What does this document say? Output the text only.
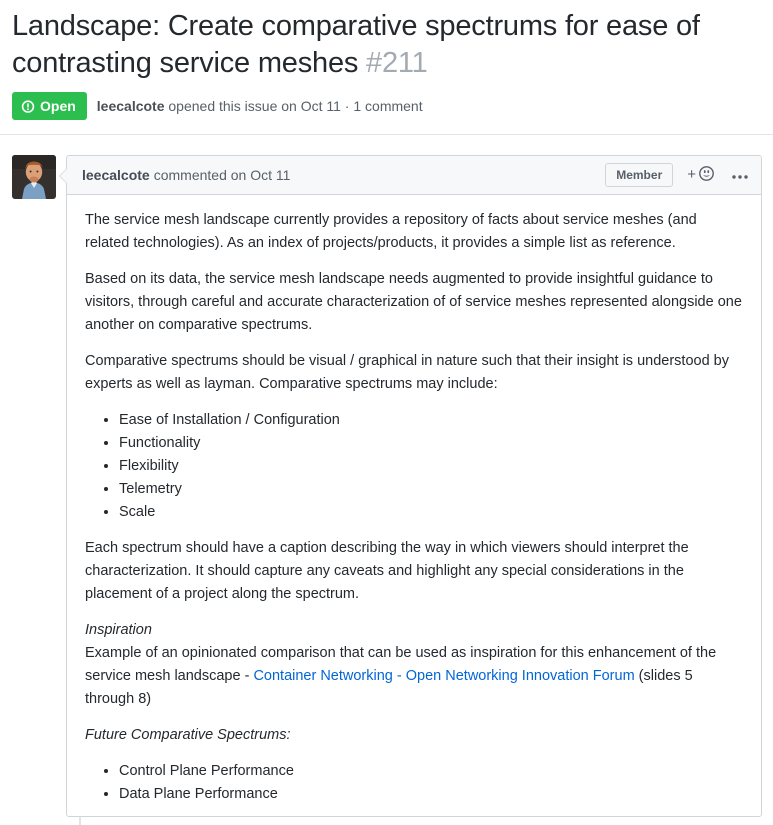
Landscape: Create comparative spectrums for ease of contrasting service meshes #211
Open leecalcote opened this issue on Oct 11 · 1 comment
leecalcote commented on Oct 11	Member	+

The service mesh landscape currently provides a repository of facts about service meshes (and related technologies). As an index of projects/products, it provides a simple list as reference.

Based on its data, the service mesh landscape needs augmented to provide insightful guidance to visitors, through careful and accurate characterization of of service meshes represented alongside one another on comparative spectrums.

Comparative spectrums should be visual / graphical in nature such that their insight is understood by experts as well as layman. Comparative spectrums may include:

• Ease of Installation / Configuration
• Functionality
• Flexibility
• Telemetry
• Scale

Each spectrum should have a caption describing the way in which viewers should interpret the characterization. It should capture any caveats and highlight any special considerations in the placement of a project along the spectrum.

Inspiration
Example of an opinionated comparison that can be used as inspiration for this enhancement of the service mesh landscape - Container Networking - Open Networking Innovation Forum (slides 5 through 8)

Future Comparative Spectrums:

• Control Plane Performance
• Data Plane Performance
